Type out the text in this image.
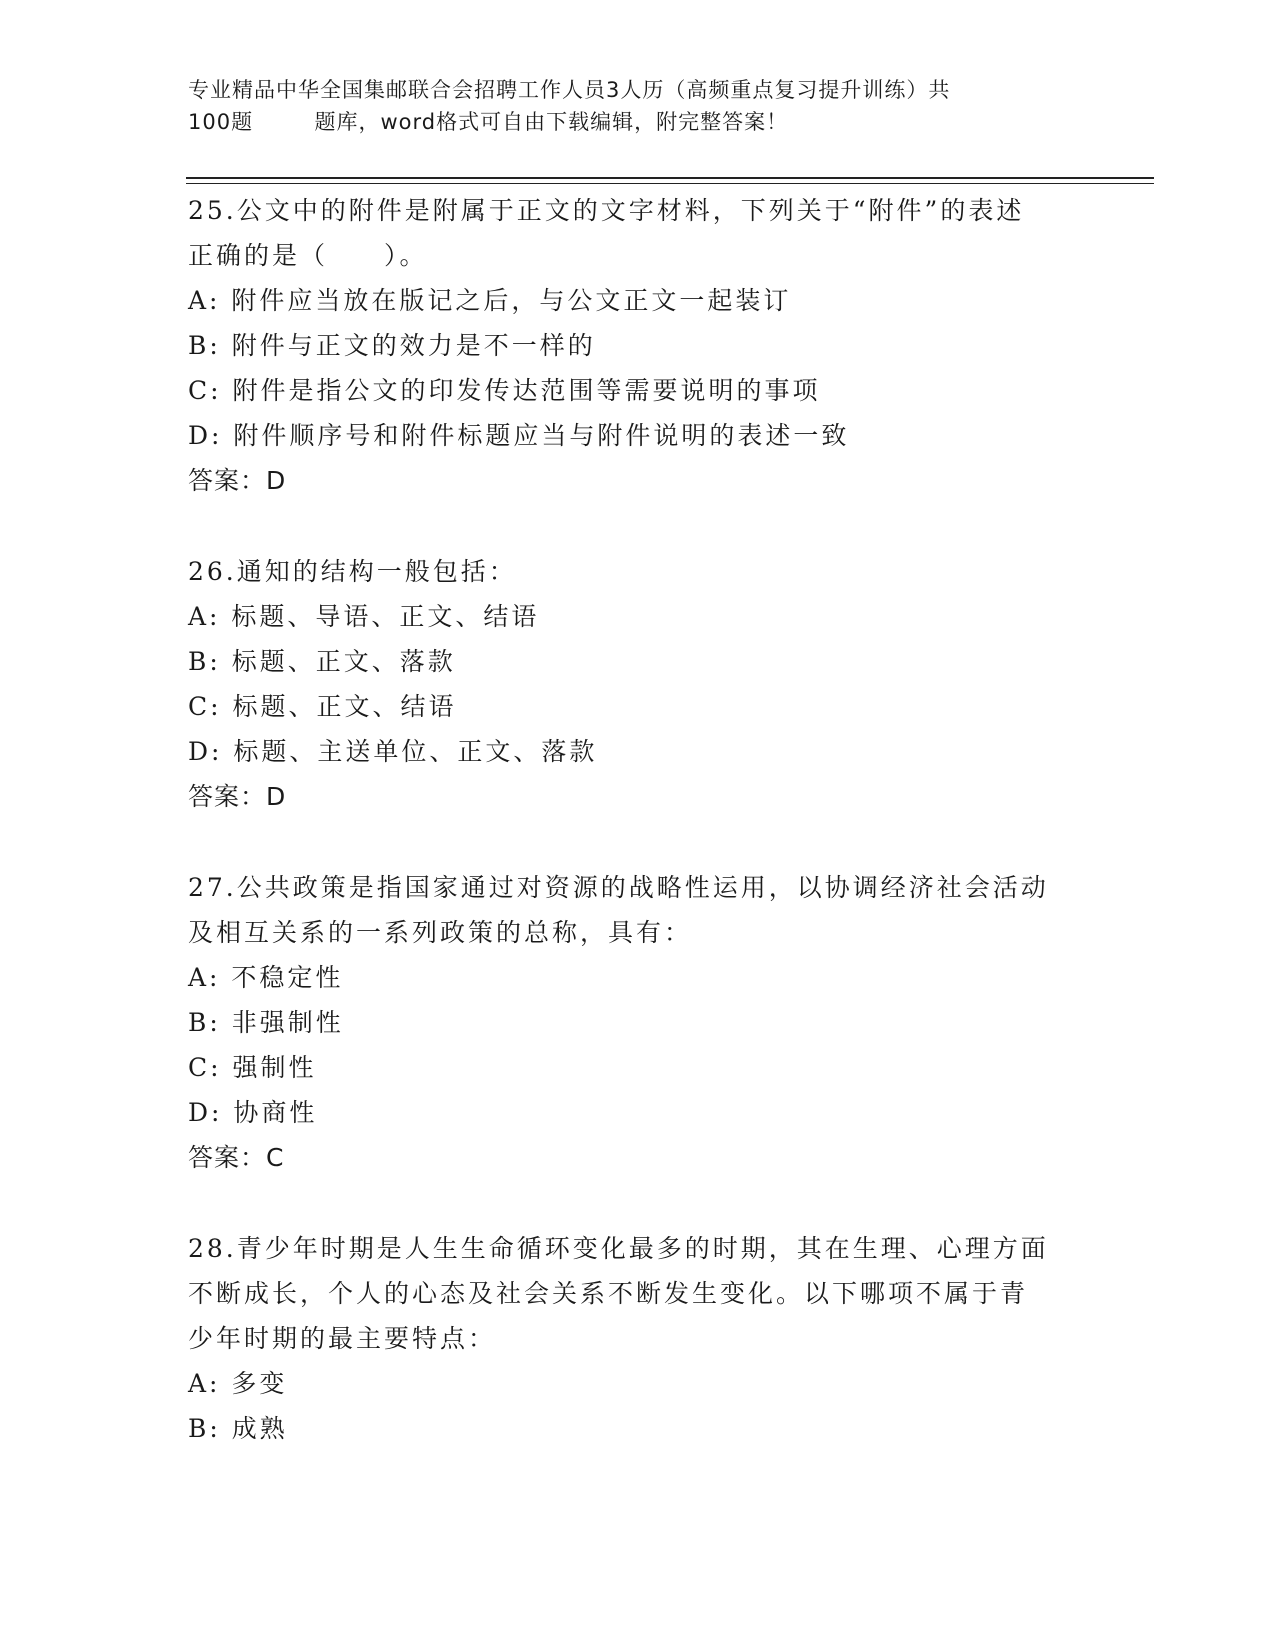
专业精品中华全国集邮联合会招聘工作人员3人历（高频重点复习提升训练）共
100题        题库，word格式可自由下载编辑，附完整答案！

25.公文中的附件是附属于正文的文字材料，下列关于“附件”的表述

正确的是（　　）。

A: 附件应当放在版记之后，与公文正文一起装订

B: 附件与正文的效力是不一样的

C: 附件是指公文的印发传达范围等需要说明的事项

D: 附件顺序号和附件标题应当与附件说明的表述一致

答案：D

26.通知的结构一般包括：

A: 标题、导语、正文、结语

B: 标题、正文、落款

C: 标题、正文、结语

D: 标题、主送单位、正文、落款

答案：D

27.公共政策是指国家通过对资源的战略性运用，以协调经济社会活动

及相互关系的一系列政策的总称，具有：

A: 不稳定性

B: 非强制性

C: 强制性

D: 协商性

答案：C

28.青少年时期是人生生命循环变化最多的时期，其在生理、心理方面

不断成长，个人的心态及社会关系不断发生变化。以下哪项不属于青

少年时期的最主要特点：

A: 多变

B: 成熟
